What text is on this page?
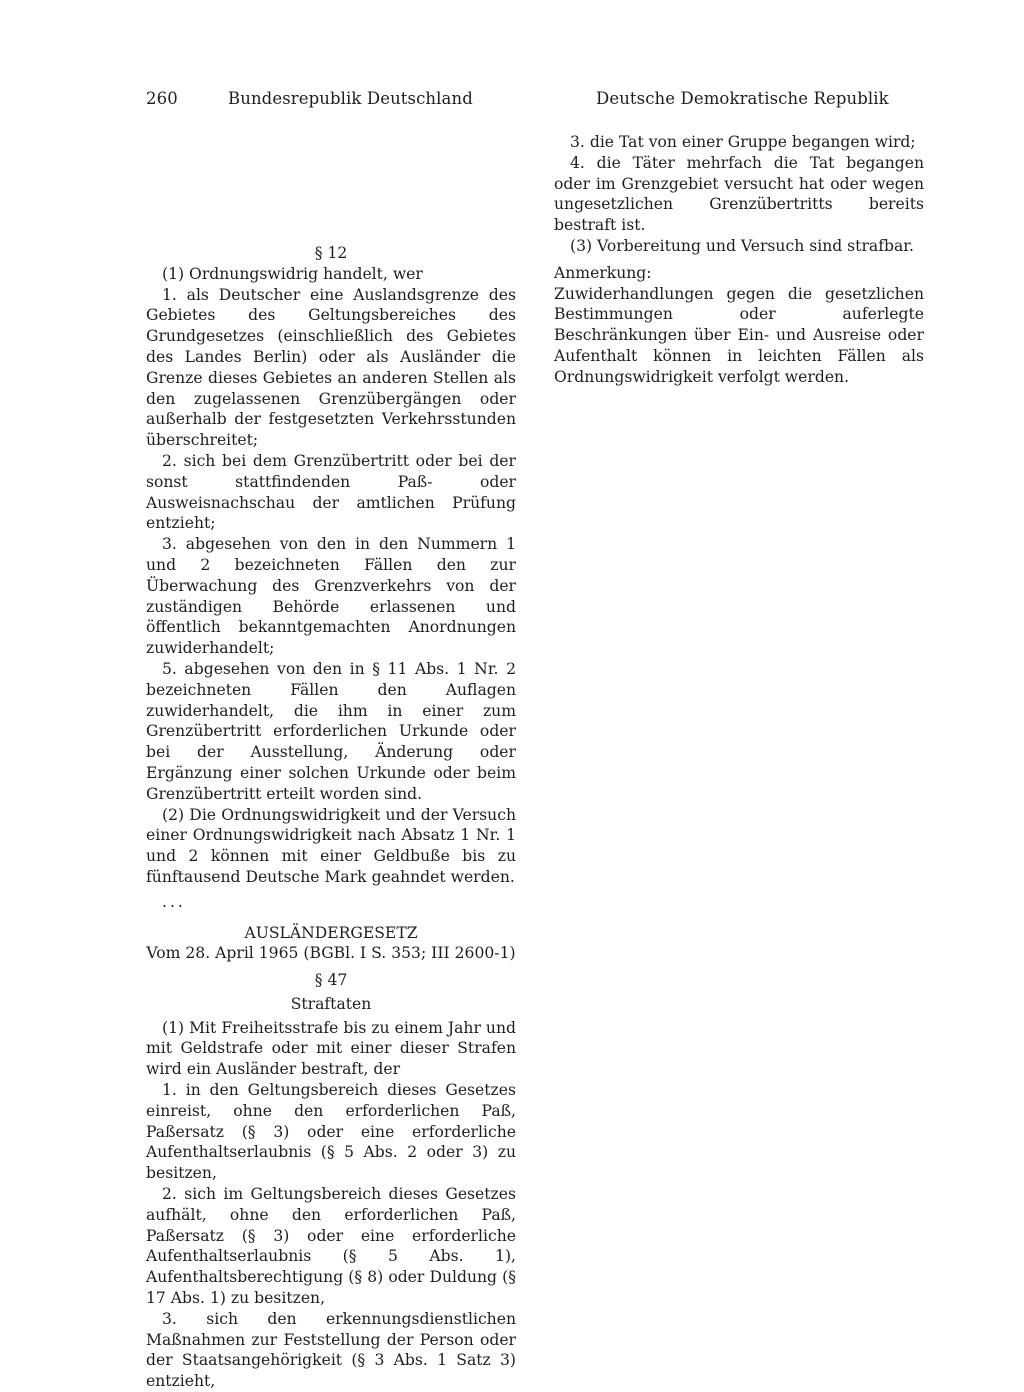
260	Bundesrepublik Deutschland	Deutsche Demokratische Republik

§ 12

(1) Ordnungswidrig handelt, wer

1. als Deutscher eine Auslandsgrenze des Gebietes des Geltungsbereiches des Grundgesetzes (einschließlich des Gebietes des Landes Berlin) oder als Ausländer die Grenze dieses Gebietes an anderen Stellen als den zugelassenen Grenzübergängen oder außerhalb der festgesetzten Verkehrsstunden überschreitet;

2. sich bei dem Grenzübertritt oder bei der sonst stattfindenden Paß- oder Ausweisnachschau der amtlichen Prüfung entzieht;

3. abgesehen von den in den Nummern 1 und 2 bezeichneten Fällen den zur Überwachung des Grenzverkehrs von der zuständigen Behörde erlassenen und öffentlich bekanntgemachten Anordnungen zuwiderhandelt;

5. abgesehen von den in § 11 Abs. 1 Nr. 2 bezeichneten Fällen den Auflagen zuwiderhandelt, die ihm in einer zum Grenzübertritt erforderlichen Urkunde oder bei der Ausstellung, Änderung oder Ergänzung einer solchen Urkunde oder beim Grenzübertritt erteilt worden sind.

(2) Die Ordnungswidrigkeit und der Versuch einer Ordnungswidrigkeit nach Absatz 1 Nr. 1 und 2 können mit einer Geldbuße bis zu fünftausend Deutsche Mark geahndet werden.

...

AUSLÄNDERGESETZ

Vom 28. April 1965 (BGBl. I S. 353; III 2600-1)

§ 47

Straftaten

(1) Mit Freiheitsstrafe bis zu einem Jahr und mit Geldstrafe oder mit einer dieser Strafen wird ein Ausländer bestraft, der

1. in den Geltungsbereich dieses Gesetzes einreist, ohne den erforderlichen Paß, Paßersatz (§ 3) oder eine erforderliche Aufenthaltserlaubnis (§ 5 Abs. 2 oder 3) zu besitzen,

2. sich im Geltungsbereich dieses Gesetzes aufhält, ohne den erforderlichen Paß, Paßersatz (§ 3) oder eine erforderliche Aufenthaltserlaubnis (§ 5 Abs. 1), Aufenthaltsberechtigung (§ 8) oder Duldung (§ 17 Abs. 1) zu besitzen,

3. sich den erkennungsdienstlichen Maßnahmen zur Feststellung der Person oder der Staatsangehörigkeit (§ 3 Abs. 1 Satz 3) entzieht,

3. die Tat von einer Gruppe begangen wird;

4. die Täter mehrfach die Tat begangen oder im Grenzgebiet versucht hat oder wegen ungesetzlichen Grenzübertritts bereits bestraft ist.

(3) Vorbereitung und Versuch sind strafbar.

Anmerkung:

Zuwiderhandlungen gegen die gesetzlichen Bestimmungen oder auferlegte Beschränkungen über Ein- und Ausreise oder Aufenthalt können in leichten Fällen als Ordnungswidrigkeit verfolgt werden.
